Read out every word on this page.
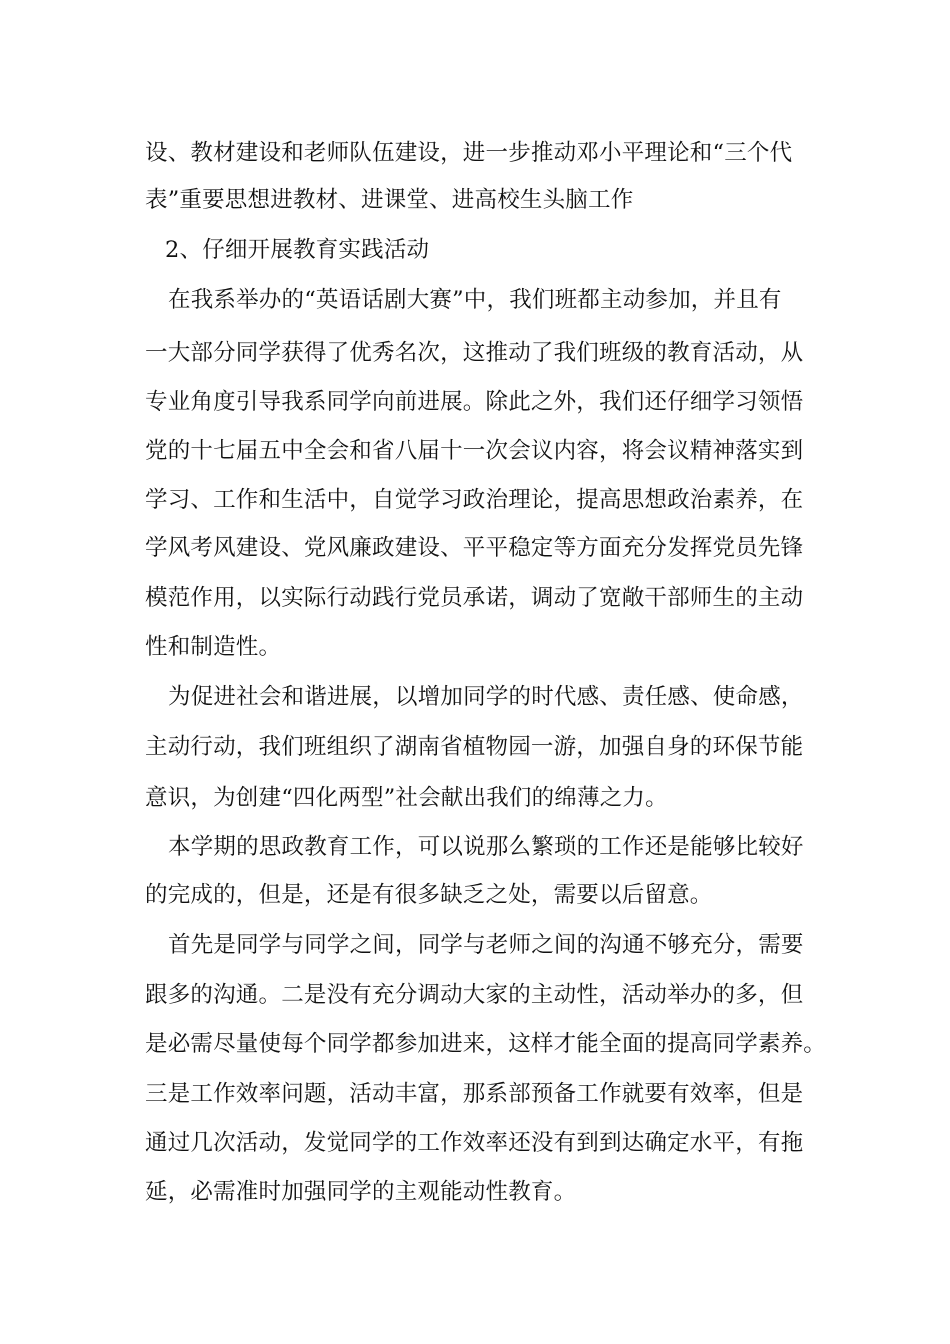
设、教材建设和老师队伍建设，进一步推动邓小平理论和“三个代
表”重要思想进教材、进课堂、进高校生头脑工作
2、仔细开展教育实践活动
在我系举办的“英语话剧大赛”中，我们班都主动参加，并且有
一大部分同学获得了优秀名次，这推动了我们班级的教育活动，从
专业角度引导我系同学向前进展。除此之外，我们还仔细学习领悟
党的十七届五中全会和省八届十一次会议内容，将会议精神落实到
学习、工作和生活中，自觉学习政治理论，提高思想政治素养，在
学风考风建设、党风廉政建设、平平稳定等方面充分发挥党员先锋
模范作用，以实际行动践行党员承诺，调动了宽敞干部师生的主动
性和制造性。
为促进社会和谐进展，以增加同学的时代感、责任感、使命感，
主动行动，我们班组织了湖南省植物园一游，加强自身的环保节能
意识，为创建“四化两型”社会献出我们的绵薄之力。
本学期的思政教育工作，可以说那么繁琐的工作还是能够比较好
的完成的，但是，还是有很多缺乏之处，需要以后留意。
首先是同学与同学之间，同学与老师之间的沟通不够充分，需要
跟多的沟通。二是没有充分调动大家的主动性，活动举办的多，但
是必需尽量使每个同学都参加进来，这样才能全面的提高同学素养。
三是工作效率问题，活动丰富，那系部预备工作就要有效率，但是
通过几次活动，发觉同学的工作效率还没有到到达确定水平，有拖
延，必需准时加强同学的主观能动性教育。
